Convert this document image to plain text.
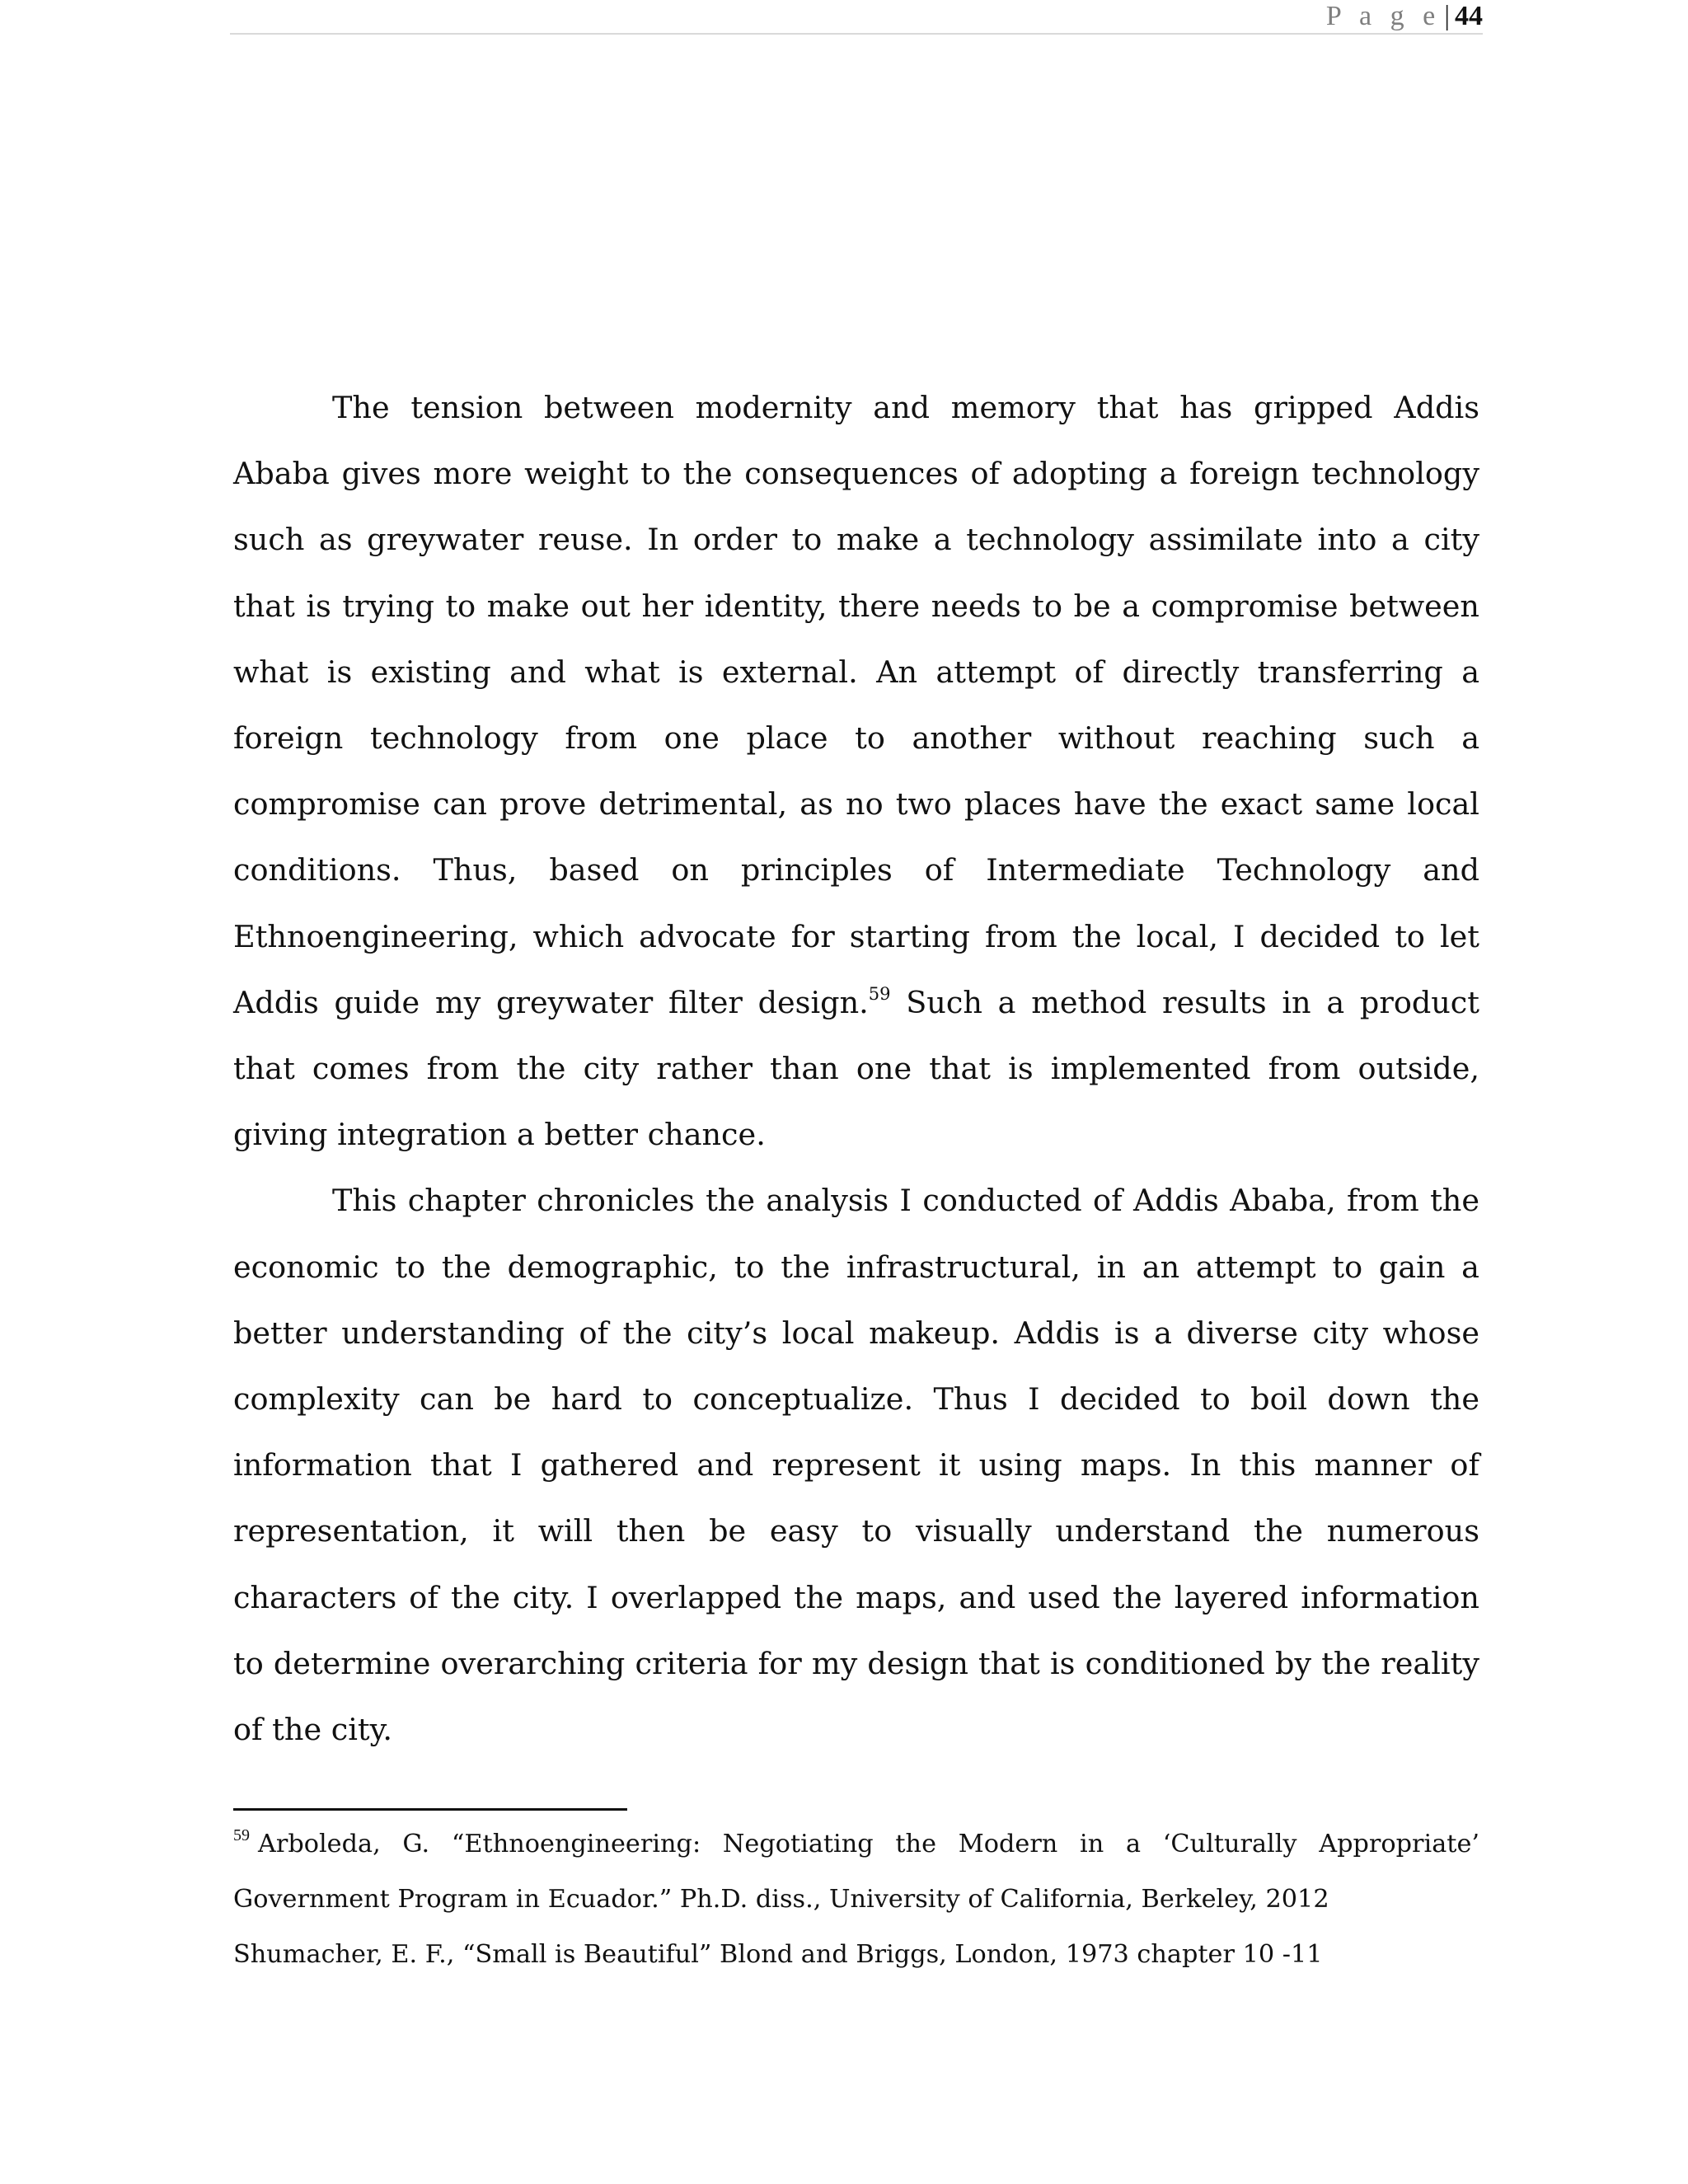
P a g e | 44

The tension between modernity and memory that has gripped Addis Ababa gives more weight to the consequences of adopting a foreign technology such as greywater reuse. In order to make a technology assimilate into a city that is trying to make out her identity, there needs to be a compromise between what is existing and what is external. An attempt of directly transferring a foreign technology from one place to another without reaching such a compromise can prove detrimental, as no two places have the exact same local conditions. Thus, based on principles of Intermediate Technology and Ethnoengineering, which advocate for starting from the local, I decided to let Addis guide my greywater filter design.$^{59}$ Such a method results in a product that comes from the city rather than one that is implemented from outside, giving integration a better chance.

This chapter chronicles the analysis I conducted of Addis Ababa, from the economic to the demographic, to the infrastructural, in an attempt to gain a better understanding of the city’s local makeup. Addis is a diverse city whose complexity can be hard to conceptualize. Thus I decided to boil down the information that I gathered and represent it using maps. In this manner of representation, it will then be easy to visually understand the numerous characters of the city. I overlapped the maps, and used the layered information to determine overarching criteria for my design that is conditioned by the reality of the city.

$^{59}$ Arboleda, G. “Ethnoengineering: Negotiating the Modern in a ‘Culturally Appropriate’ Government Program in Ecuador.” Ph.D. diss., University of California, Berkeley, 2012

Shumacher, E. F., “Small is Beautiful” Blond and Briggs, London, 1973 chapter 10 -11
